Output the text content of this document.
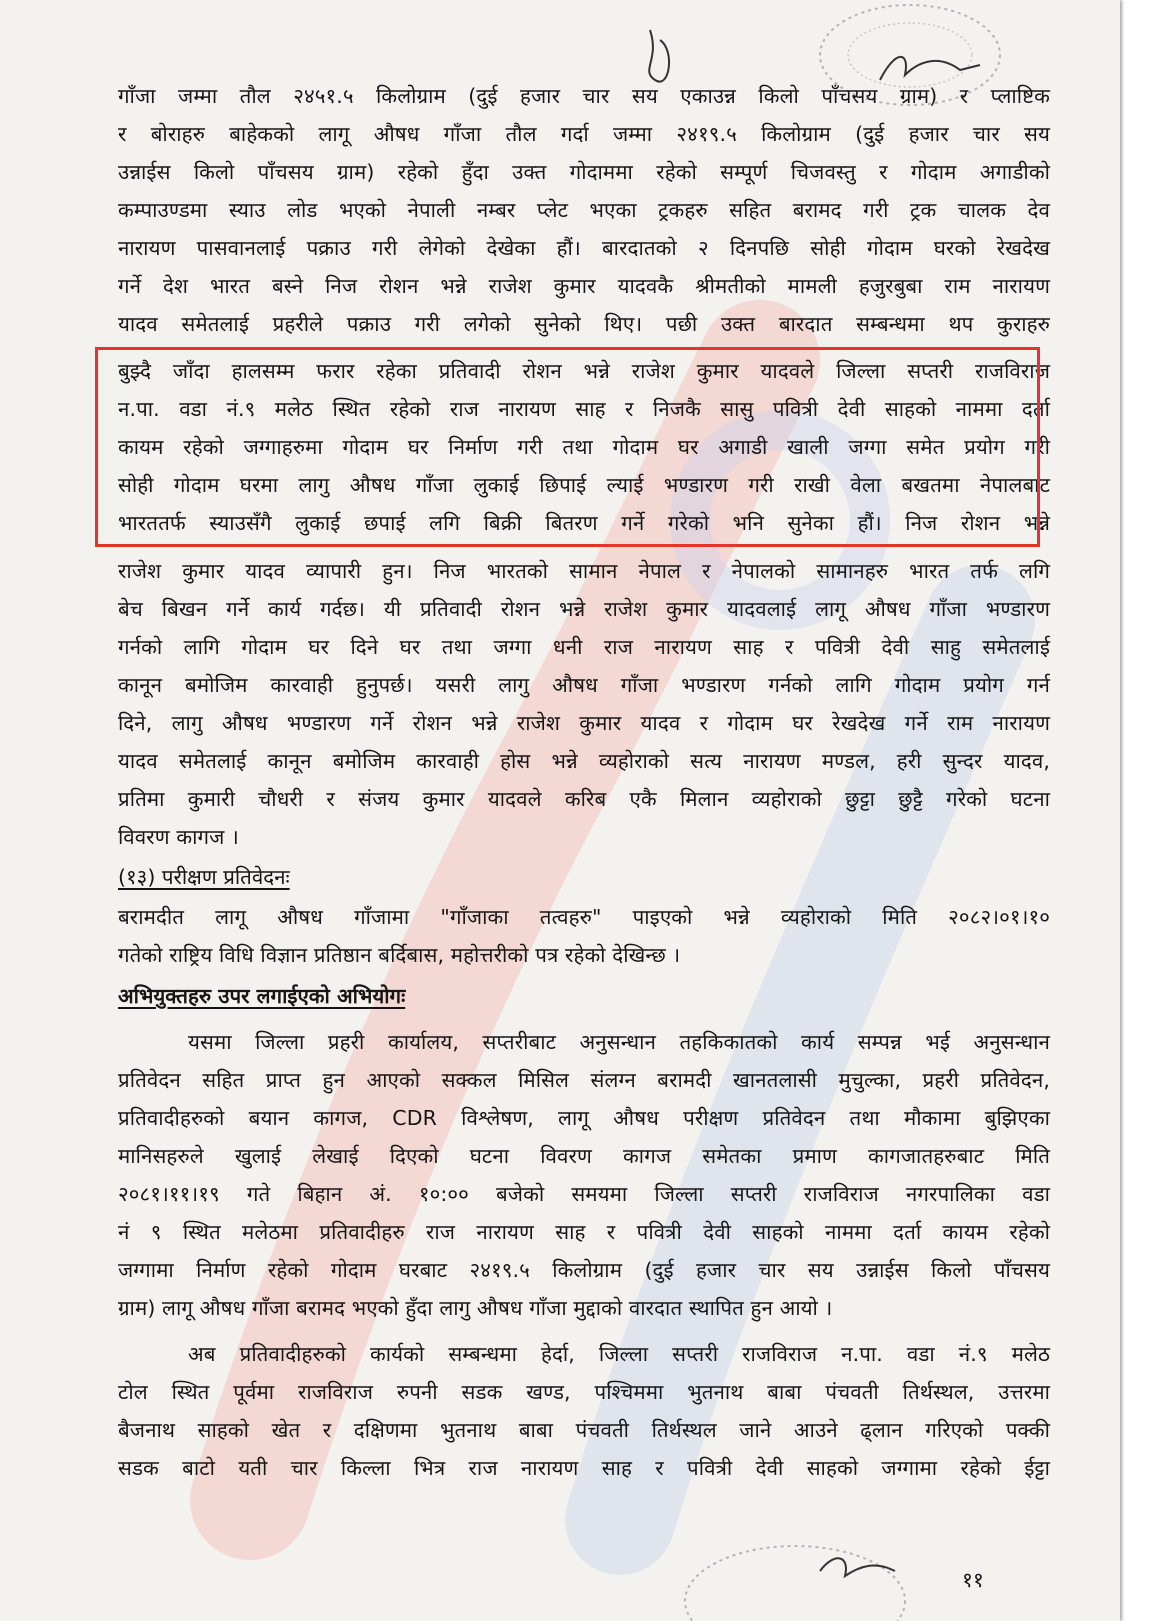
गाँजा जम्मा तौल २४५१.५ किलोग्राम (दुई हजार चार सय एकाउन्न किलो पाँचसय ग्राम) र प्लाष्टिक
र बोराहरु बाहेकको लागू औषध गाँजा तौल गर्दा जम्मा २४१९.५ किलोग्राम (दुई हजार चार सय
उन्नाईस किलो पाँचसय ग्राम) रहेको हुँदा उक्त गोदाममा रहेको सम्पूर्ण चिजवस्तु र गोदाम अगाडीको
कम्पाउण्डमा स्याउ लोड भएको नेपाली नम्बर प्लेट भएका ट्रकहरु सहित बरामद गरी ट्रक चालक देव
नारायण पासवानलाई पक्राउ गरी लेगेको देखेका हौं। बारदातको २ दिनपछि सोही गोदाम घरको रेखदेख
गर्ने देश भारत बस्ने निज रोशन भन्ने राजेश कुमार यादवकै श्रीमतीको मामली हजुरबुबा राम नारायण
यादव समेतलाई प्रहरीले पक्राउ गरी लगेको सुनेको थिए। पछी उक्त बारदात सम्बन्धमा थप कुराहरु
बुझ्दै जाँदा हालसम्म फरार रहेका प्रतिवादी रोशन भन्ने राजेश कुमार यादवले जिल्ला सप्तरी राजविराज
न.पा. वडा नं.९ मलेठ स्थित रहेको राज नारायण साह र निजकै सासु पवित्री देवी साहको नाममा दर्ता
कायम रहेको जग्गाहरुमा गोदाम घर निर्माण गरी तथा गोदाम घर अगाडी खाली जग्गा समेत प्रयोग गरी
सोही गोदाम घरमा लागु औषध गाँजा लुकाई छिपाई ल्याई भण्डारण गरी राखी वेला बखतमा नेपालबाट
भारततर्फ स्याउसँगै लुकाई छपाई लगि बिक्री बितरण गर्ने गरेको भनि सुनेका हौं। निज रोशन भन्ने
राजेश कुमार यादव व्यापारी हुन। निज भारतको सामान नेपाल र नेपालको सामानहरु भारत तर्फ लगि
बेच बिखन गर्ने कार्य गर्दछ। यी प्रतिवादी रोशन भन्ने राजेश कुमार यादवलाई लागू औषध गाँजा भण्डारण
गर्नको लागि गोदाम घर दिने घर तथा जग्गा धनी राज नारायण साह र पवित्री देवी साहु समेतलाई
कानून बमोजिम कारवाही हुनुपर्छ। यसरी लागु औषध गाँजा भण्डारण गर्नको लागि गोदाम प्रयोग गर्न
दिने, लागु औषध भण्डारण गर्ने रोशन भन्ने राजेश कुमार यादव र गोदाम घर रेखदेख गर्ने राम नारायण
यादव समेतलाई कानून बमोजिम कारवाही होस भन्ने व्यहोराको सत्य नारायण मण्डल, हरी सुन्दर यादव,
प्रतिमा कुमारी चौधरी र संजय कुमार यादवले करिब एकै मिलान व्यहोराको छुट्टा छुट्टै गरेको घटना
विवरण कागज ।
(१३) परीक्षण प्रतिवेदनः
बरामदीत लागू औषध गाँजामा "गाँजाका तत्वहरु" पाइएको भन्ने व्यहोराको मिति २०८२।०१।१०
गतेको राष्ट्रिय विधि विज्ञान प्रतिष्ठान बर्दिबास, महोत्तरीको पत्र रहेको देखिन्छ ।
अभियुक्तहरु उपर लगाईएको अभियोगः
यसमा जिल्ला प्रहरी कार्यालय, सप्तरीबाट अनुसन्धान तहकिकातको कार्य सम्पन्न भई अनुसन्धान
प्रतिवेदन सहित प्राप्त हुन आएको सक्कल मिसिल संलग्न बरामदी खानतलासी मुचुल्का, प्रहरी प्रतिवेदन,
प्रतिवादीहरुको बयान कागज, CDR विश्लेषण, लागू औषध परीक्षण प्रतिवेदन तथा मौकामा बुझिएका
मानिसहरुले खुलाई लेखाई दिएको घटना विवरण कागज समेतका प्रमाण कागजातहरुबाट मिति
२०८१।११।१९ गते बिहान अं. १०:०० बजेको समयमा जिल्ला सप्तरी राजविराज नगरपालिका वडा
नं ९ स्थित मलेठमा प्रतिवादीहरु राज नारायण साह र पवित्री देवी साहको नाममा दर्ता कायम रहेको
जग्गामा निर्माण रहेको गोदाम घरबाट २४१९.५ किलोग्राम (दुई हजार चार सय उन्नाईस किलो पाँचसय
ग्राम) लागू औषध गाँजा बरामद भएको हुँदा लागु औषध गाँजा मुद्दाको वारदात स्थापित हुन आयो ।
अब प्रतिवादीहरुको कार्यको सम्बन्धमा हेर्दा, जिल्ला सप्तरी राजविराज न.पा. वडा नं.९ मलेठ
टोल स्थित पूर्वमा राजविराज रुपनी सडक खण्ड, पश्चिममा भुतनाथ बाबा पंचवती तिर्थस्थल, उत्तरमा
बैजनाथ साहको खेत र दक्षिणमा भुतनाथ बाबा पंचवती तिर्थस्थल जाने आउने ढ्लान गरिएको पक्की
सडक बाटो यती चार किल्ला भित्र राज नारायण साह र पवित्री देवी साहको जग्गामा रहेको ईट्टा
११
